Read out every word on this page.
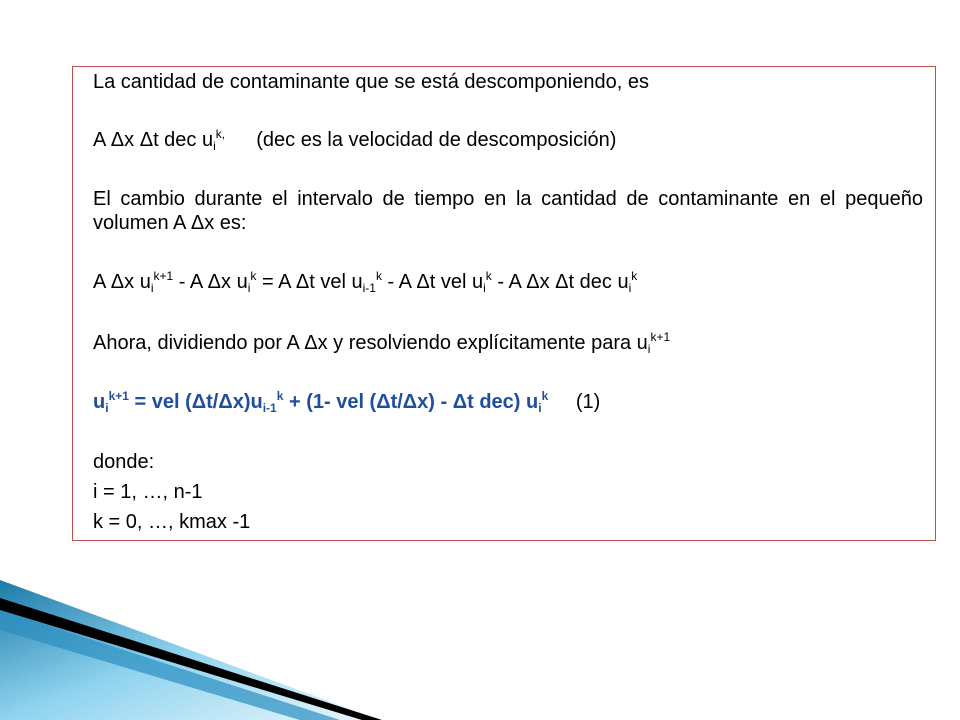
La cantidad de contaminante que se está descomponiendo, es
A Δx Δt dec $u_i^{k,}$ (dec es la velocidad de descomposición)
El cambio durante el intervalo de tiempo en la cantidad de contaminante en el pequeño volumen A Δx es:
A Δx $u_i^{k+1}$ - A Δx $u_i^k = A$ Δt vel $u_{i-1}^k$ - A Δt vel $u_i^k$ - A Δx Δt dec $u_i^k$
Ahora, dividiendo por A Δx y resolviendo explícitamente para $u_i^{k+1}$
$u_i^{k+1}$ = vel $(\Delta t/\Delta x)u_{i-1}^k + (1-$ vel (Δt/Δx) - Δt dec) $u_i^k$ (1)
donde:
i = 1, …, n-1
k = 0, …, kmax -1
